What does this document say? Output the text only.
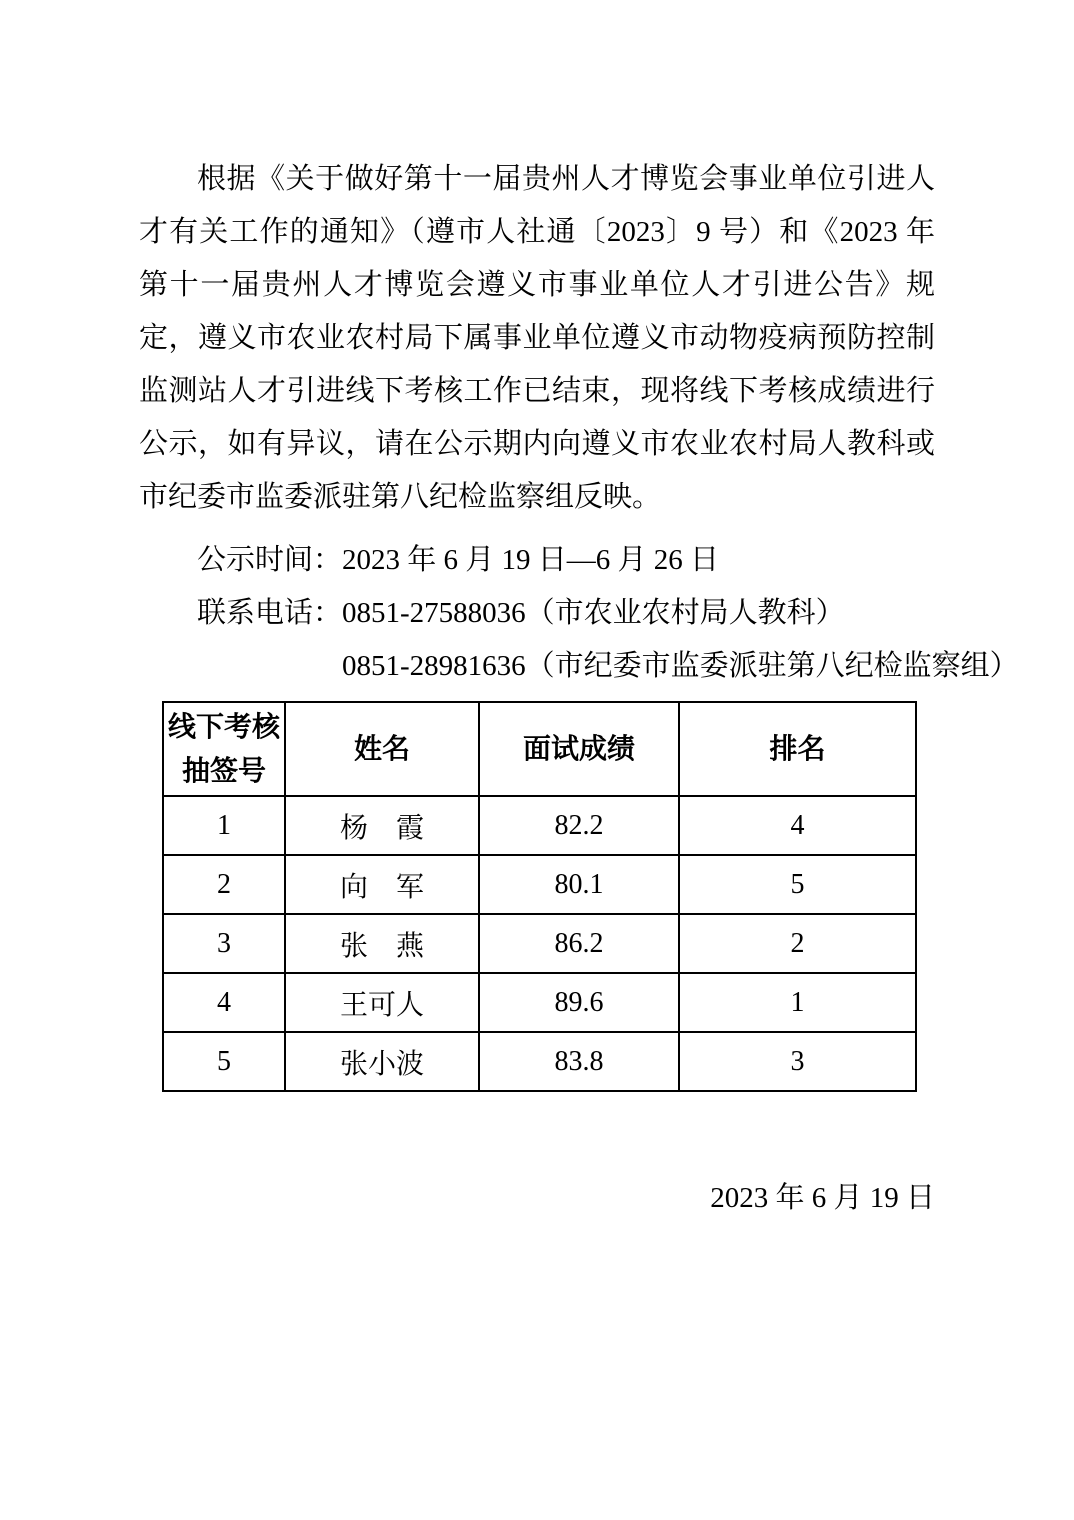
根据《关于做好第十一届贵州人才博览会事业单位引进人才有关工作的通知》（遵市人社通〔2023〕9 号）和《2023 年第十一届贵州人才博览会遵义市事业单位人才引进公告》规定，遵义市农业农村局下属事业单位遵义市动物疫病预防控制监测站人才引进线下考核工作已结束，现将线下考核成绩进行公示，如有异议，请在公示期内向遵义市农业农村局人教科或市纪委市监委派驻第八纪检监察组反映。

公示时间：2023 年 6 月 19 日—6 月 26 日

联系电话：0851-27588036（市农业农村局人教科）

0851-28981636（市纪委市监委派驻第八纪检监察组）

线下考核抽签号	姓名	面试成绩	排名
1	杨　霞	82.2	4
2	向　军	80.1	5
3	张　燕	86.2	2
4	王可人	89.6	1
5	张小波	83.8	3

2023 年 6 月 19 日
